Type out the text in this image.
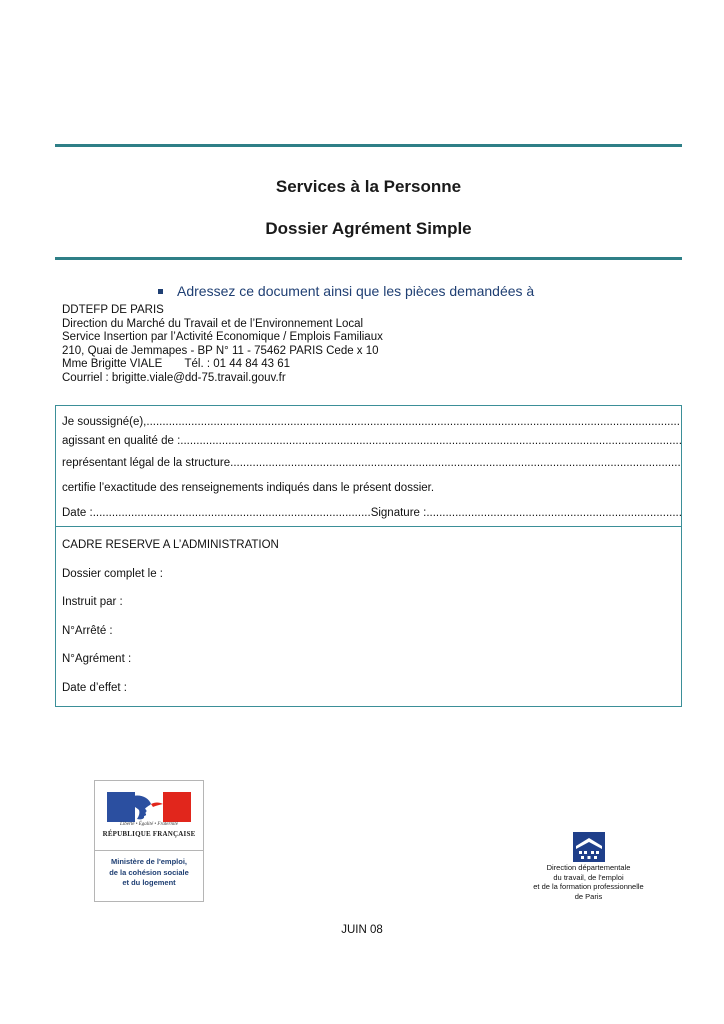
Services à la Personne
Dossier Agrément Simple
Adressez ce document ainsi que les pièces demandées à
DDTEFP DE PARIS
Direction du Marché du Travail et de l’Environnement Local
Service Insertion par l’Activité Economique / Emplois Familiaux
210, Quai de Jemmapes - BP N° 11 - 75462 PARIS Cede x 10
Mme Brigitte VIALE       Tél. : 01 44 84 43 61
Courriel : brigitte.viale@dd-75.travail.gouv.fr
Je soussigné(e),
.....
agissant en qualité de :
.....
représentant légal de la structure
.....
certifie l’exactitude des renseignements indiqués dans le présent dossier.
Date :
.....	Signature :
.....
CADRE RESERVE A L’ADMINISTRATION
Dossier complet le :
Instruit par :
N°Arrêté :
N°Agrément :
Date d’effet :
Liberté • Égalité • Fraternité
RÉPUBLIQUE FRANÇAISE
Ministère de l'emploi,
de la cohésion sociale
et du logement
Direction départementale
du travail, de l'emploi
et de la formation professionnelle
de Paris
JUIN 08
